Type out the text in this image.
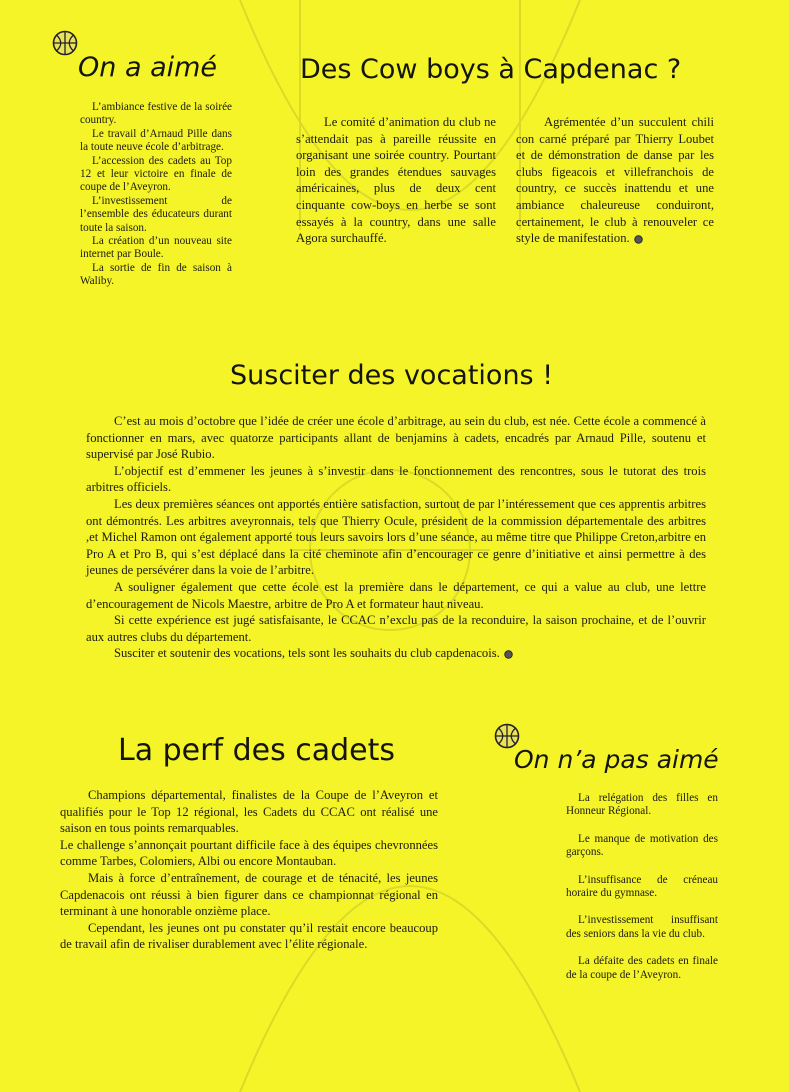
On a aimé

L’ambiance festive de la soirée country.

Le travail d’Arnaud Pille dans la toute neuve école d’arbitrage.

L’accession des cadets au Top 12 et leur victoire en finale de coupe de l’Aveyron.

L’investissement de l’ensemble des éducateurs durant toute la saison.

La création d’un nouveau site internet par Boule.

La sortie de fin de saison à Waliby.

Des Cow boys à Capdenac ?

Le comité d’animation du club ne s’attendait pas à pareille réussite en organisant une soirée country. Pourtant loin des grandes étendues sauvages américaines, plus de deux cent cinquante cow-boys en herbe se sont essayés à la country, dans une salle Agora surchauffé.

Agrémentée d’un succulent chili con carné préparé par Thierry Loubet et de démonstration de danse par les clubs figeacois et villefranchois de country, ce succès inattendu et une ambiance chaleureuse conduiront, certainement, le club à renouveler ce style de manifestation.

Susciter des vocations !

C’est au mois d’octobre que l’idée de créer une école d’arbitrage, au sein du club, est née. Cette école a commencé à fonctionner en mars, avec quatorze participants allant de benjamins à cadets, encadrés par Arnaud Pille, soutenu et supervisé par José Rubio.

L’objectif est d’emmener les jeunes à s’investir dans le fonctionnement des rencontres, sous le tutorat des trois arbitres officiels.

Les deux premières séances ont apportés entière satisfaction, surtout de par l’intéressement que ces apprentis arbitres ont démontrés. Les arbitres aveyronnais, tels que Thierry Ocule, président de la commission départementale des arbitres ,et Michel Ramon ont également apporté tous leurs savoirs lors d’une séance, au même titre que Philippe Creton,arbitre en Pro A et Pro B, qui s’est déplacé dans la cité cheminote afin d’encourager ce genre d’initiative et ainsi permettre à des jeunes de persévérer dans la voie de l’arbitre.

A souligner également que cette école est la première dans le département, ce qui a value au club, une lettre d’encouragement de Nicols Maestre, arbitre de Pro A et formateur haut niveau.

Si cette expérience est jugé satisfaisante, le CCAC n’exclu pas de la reconduire, la saison prochaine, et de l’ouvrir aux autres clubs du département.

Susciter et soutenir des vocations, tels sont les souhaits du club capdenacois.

La perf des cadets

Champions départemental, finalistes de la Coupe de l’Aveyron et qualifiés pour le Top 12 régional, les Cadets du CCAC ont réalisé une saison en tous points remarquables.

Le challenge s’annonçait pourtant difficile face à des équipes chevronnées comme Tarbes, Colomiers, Albi ou encore Montauban.

Mais à force d’entraînement, de courage et de ténacité, les jeunes Capdenacois ont réussi à bien figurer dans ce championnat régional en terminant à une honorable onzième place.

Cependant, les jeunes ont pu constater qu’il restait encore beaucoup de travail afin de rivaliser durablement avec l’élite régionale.

On n’a pas aimé

La relégation des filles en Honneur Régional.

Le manque de motivation des garçons.

L’insuffisance de créneau horaire du gymnase.

L’investissement insuffisant des seniors dans la vie du club.

La défaite des cadets en finale de la coupe de l’Aveyron.
